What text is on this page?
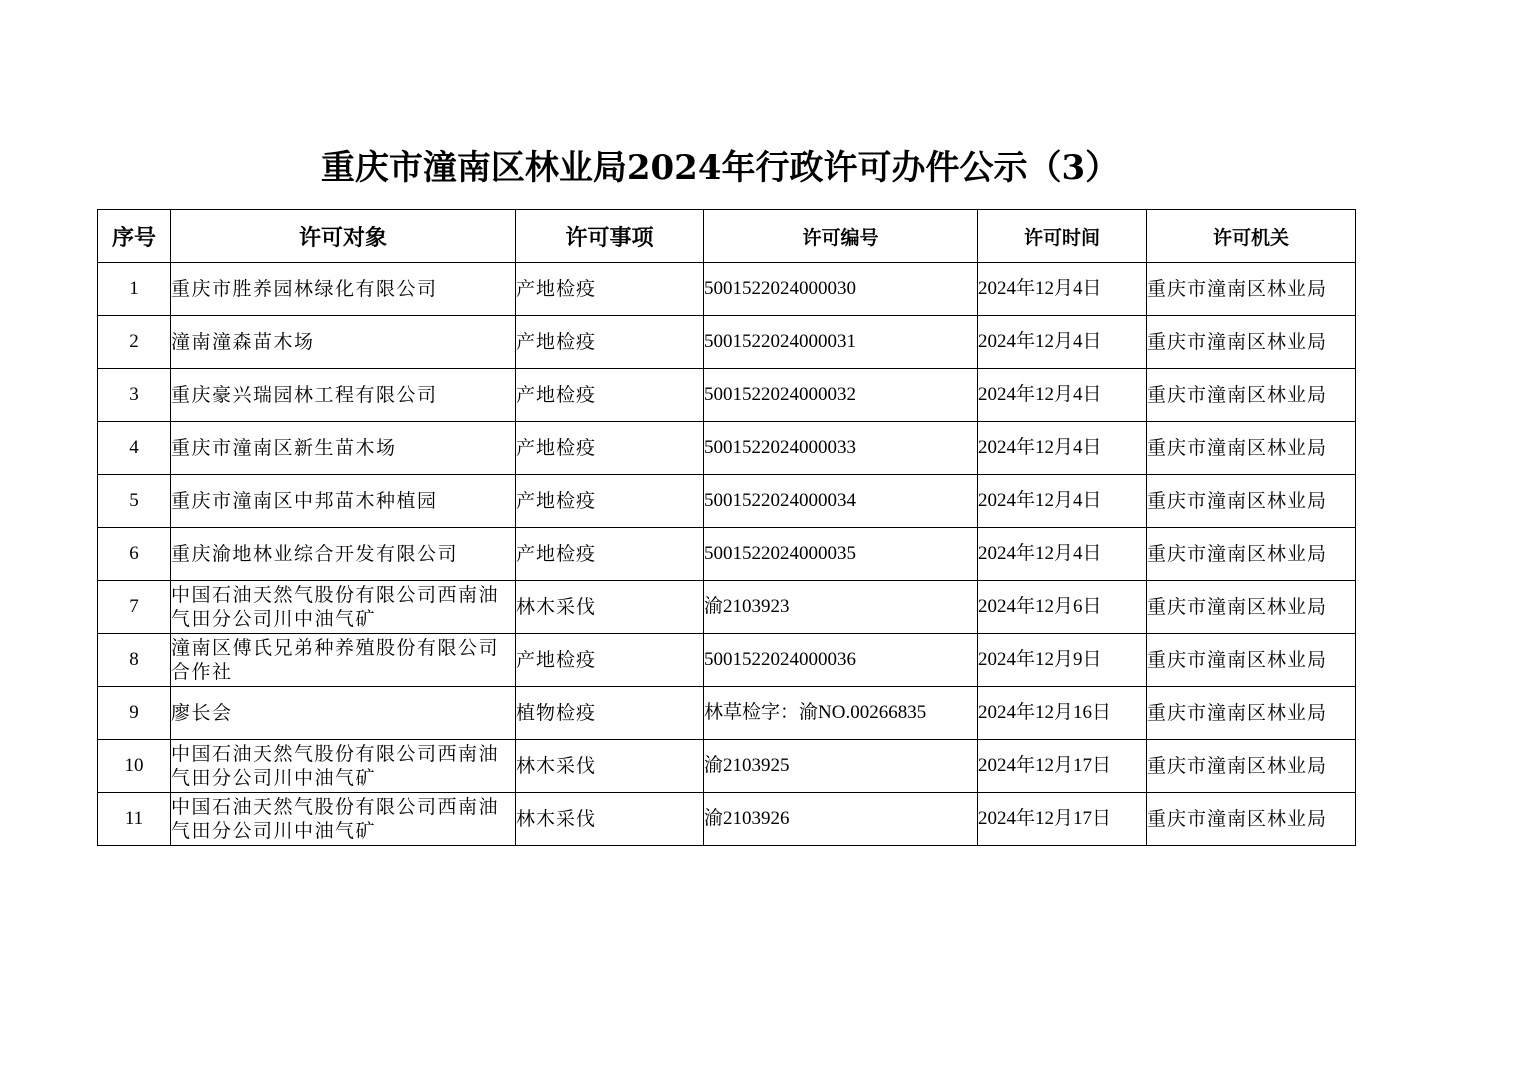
重庆市潼南区林业局2024年行政许可办件公示（3）
序号	许可对象	许可事项	许可编号	许可时间	许可机关
1	重庆市胜养园林绿化有限公司	产地检疫	5001522024000030	2024年12月4日	重庆市潼南区林业局
2	潼南潼森苗木场	产地检疫	5001522024000031	2024年12月4日	重庆市潼南区林业局
3	重庆豪兴瑞园林工程有限公司	产地检疫	5001522024000032	2024年12月4日	重庆市潼南区林业局
4	重庆市潼南区新生苗木场	产地检疫	5001522024000033	2024年12月4日	重庆市潼南区林业局
5	重庆市潼南区中邦苗木种植园	产地检疫	5001522024000034	2024年12月4日	重庆市潼南区林业局
6	重庆渝地林业综合开发有限公司	产地检疫	5001522024000035	2024年12月4日	重庆市潼南区林业局
7	中国石油天然气股份有限公司西南油气田分公司川中油气矿	林木采伐	渝2103923	2024年12月6日	重庆市潼南区林业局
8	潼南区傅氏兄弟种养殖股份有限公司合作社	产地检疫	5001522024000036	2024年12月9日	重庆市潼南区林业局
9	廖长会	植物检疫	林草检字：渝NO.00266835	2024年12月16日	重庆市潼南区林业局
10	中国石油天然气股份有限公司西南油气田分公司川中油气矿	林木采伐	渝2103925	2024年12月17日	重庆市潼南区林业局
11	中国石油天然气股份有限公司西南油气田分公司川中油气矿	林木采伐	渝2103926	2024年12月17日	重庆市潼南区林业局
